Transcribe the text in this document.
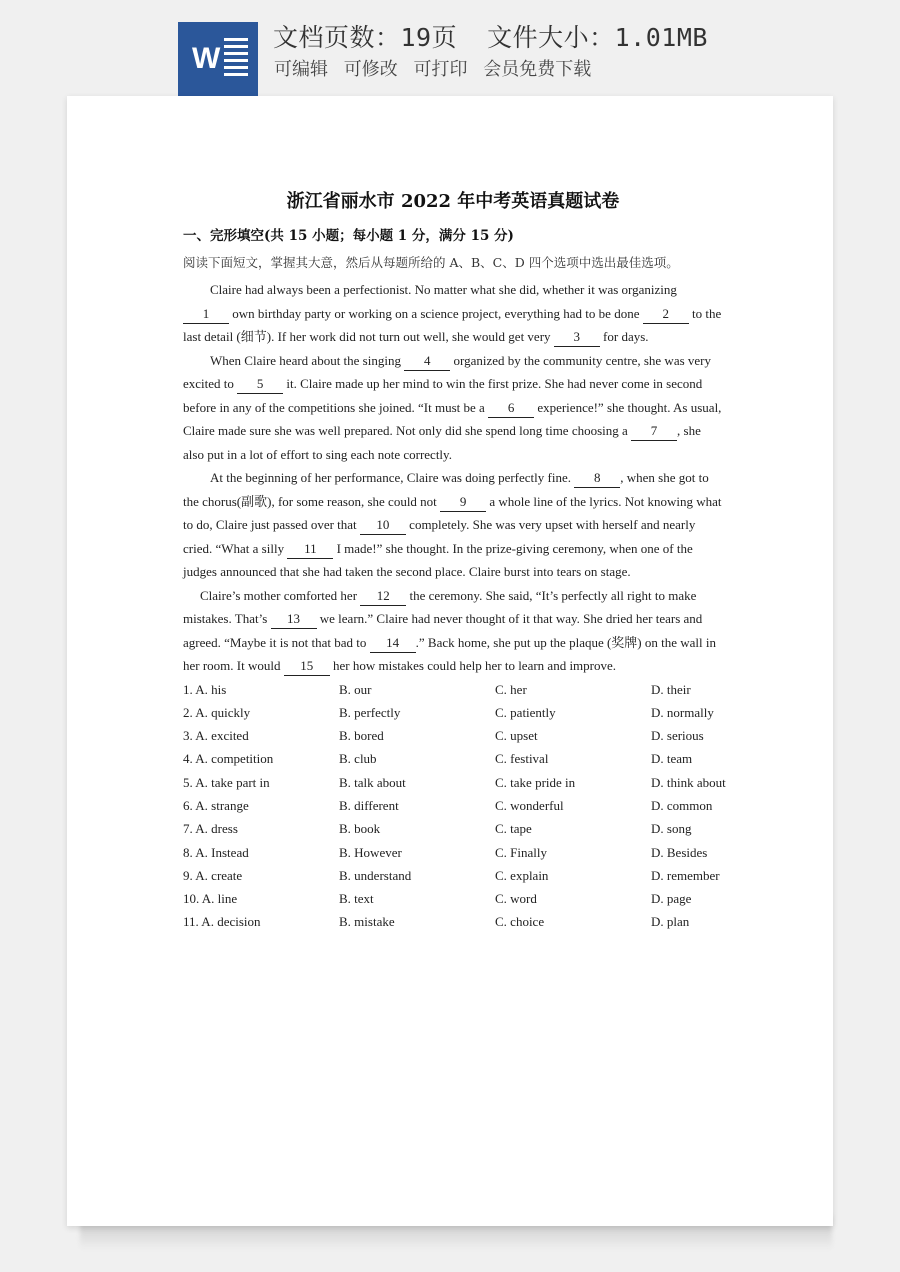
W
文档页数：19页 文件大小：1.01MB
可编辑 可修改 可打印 会员免费下载
浙江省丽水市 2022 年中考英语真题试卷

一、完形填空(共 15 小题；每小题 1 分，满分 15 分)

阅读下面短文，掌握其大意，然后从每题所给的 A、B、C、D 四个选项中选出最佳选项。

Claire had always been a perfectionist. No matter what she did, whether it was organizing 1 own birthday party or working on a science project, everything had to be done 2 to the last detail (细节). If her work did not turn out well, she would get very 3 for days.

When Claire heard about the singing 4 organized by the community centre, she was very excited to 5 it. Claire made up her mind to win the first prize. She had never come in second before in any of the competitions she joined. “It must be a 6 experience!” she thought. As usual, Claire made sure she was well prepared. Not only did she spend long time choosing a 7 , she also put in a lot of effort to sing each note correctly.

At the beginning of her performance, Claire was doing perfectly fine. 8 , when she got to the chorus(副歌), for some reason, she could not 9 a whole line of the lyrics. Not knowing what to do, Claire just passed over that 10 completely. She was very upset with herself and nearly cried. “What a silly 11 I made!” she thought. In the prize-giving ceremony, when one of the judges announced that she had taken the second place. Claire burst into tears on stage.

Claire’s mother comforted her 12 the ceremony. She said, “It’s perfectly all right to make mistakes. That’s 13 we learn.” Claire had never thought of it that way. She dried her tears and agreed. “Maybe it is not that bad to 14 .” Back home, she put up the plaque (奖牌) on the wall in her room. It would 15 her how mistakes could help her to learn and improve.

1. A. his	B. our	C. her	D. their
2. A. quickly	B. perfectly	C. patiently	D. normally
3. A. excited	B. bored	C. upset	D. serious
4. A. competition	B. club	C. festival	D. team
5. A. take part in	B. talk about	C. take pride in	D. think about
6. A. strange	B. different	C. wonderful	D. common
7. A. dress	B. book	C. tape	D. song
8. A. Instead	B. However	C. Finally	D. Besides
9. A. create	B. understand	C. explain	D. remember
10. A. line	B. text	C. word	D. page
11. A. decision	B. mistake	C. choice	D. plan
